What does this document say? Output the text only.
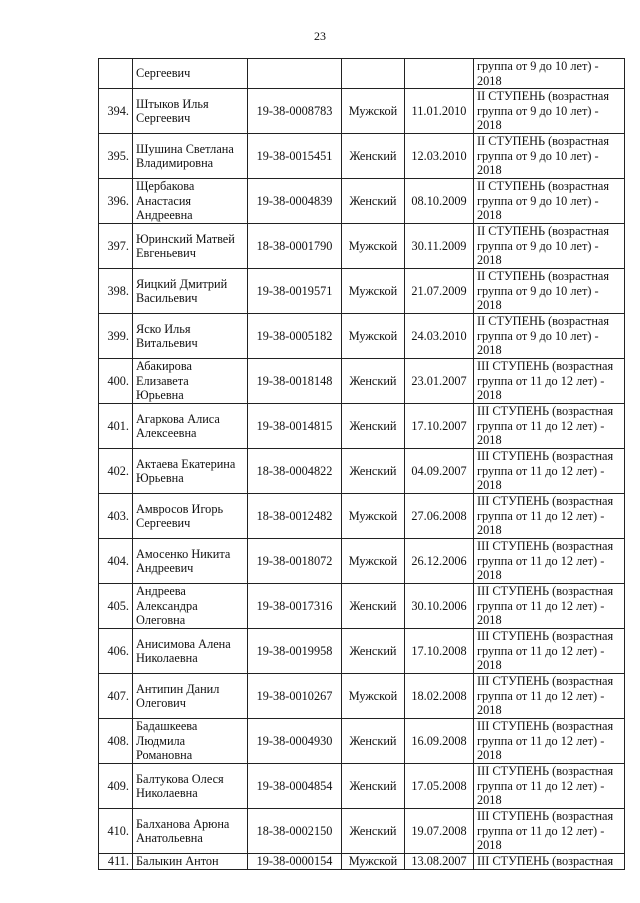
23

	Сергеевич				группа от 9 до 10 лет) -
2018

394.	Штыков Илья
Сергеевич	19-38-0008783	Мужской	11.01.2010	II СТУПЕНЬ (возрастная
группа от 9 до 10 лет) -
2018

395.	Шушина Светлана
Владимировна	19-38-0015451	Женский	12.03.2010	II СТУПЕНЬ (возрастная
группа от 9 до 10 лет) -
2018

396.	Щербакова
Анастасия
Андреевна	19-38-0004839	Женский	08.10.2009	II СТУПЕНЬ (возрастная
группа от 9 до 10 лет) -
2018

397.	Юринский Матвей
Евгеньевич	18-38-0001790	Мужской	30.11.2009	II СТУПЕНЬ (возрастная
группа от 9 до 10 лет) -
2018

398.	Яицкий Дмитрий
Васильевич	19-38-0019571	Мужской	21.07.2009	II СТУПЕНЬ (возрастная
группа от 9 до 10 лет) -
2018

399.	Яско Илья
Витальевич	19-38-0005182	Мужской	24.03.2010	II СТУПЕНЬ (возрастная
группа от 9 до 10 лет) -
2018

400.	Абакирова
Елизавета
Юрьевна	19-38-0018148	Женский	23.01.2007	III СТУПЕНЬ (возрастная
группа от 11 до 12 лет) -
2018

401.	Агаркова Алиса
Алексеевна	19-38-0014815	Женский	17.10.2007	III СТУПЕНЬ (возрастная
группа от 11 до 12 лет) -
2018

402.	Актаева Екатерина
Юрьевна	18-38-0004822	Женский	04.09.2007	III СТУПЕНЬ (возрастная
группа от 11 до 12 лет) -
2018

403.	Амвросов Игорь
Сергеевич	18-38-0012482	Мужской	27.06.2008	III СТУПЕНЬ (возрастная
группа от 11 до 12 лет) -
2018

404.	Амосенко Никита
Андреевич	19-38-0018072	Мужской	26.12.2006	III СТУПЕНЬ (возрастная
группа от 11 до 12 лет) -
2018

405.	Андреева
Александра
Олеговна	19-38-0017316	Женский	30.10.2006	III СТУПЕНЬ (возрастная
группа от 11 до 12 лет) -
2018

406.	Анисимова Алена
Николаевна	19-38-0019958	Женский	17.10.2008	III СТУПЕНЬ (возрастная
группа от 11 до 12 лет) -
2018

407.	Антипин Данил
Олегович	19-38-0010267	Мужской	18.02.2008	III СТУПЕНЬ (возрастная
группа от 11 до 12 лет) -
2018

408.	Бадашкеева
Людмила
Романовна	19-38-0004930	Женский	16.09.2008	III СТУПЕНЬ (возрастная
группа от 11 до 12 лет) -
2018

409.	Балтукова Олеся
Николаевна	19-38-0004854	Женский	17.05.2008	III СТУПЕНЬ (возрастная
группа от 11 до 12 лет) -
2018

410.	Балханова Арюна
Анатольевна	18-38-0002150	Женский	19.07.2008	III СТУПЕНЬ (возрастная
группа от 11 до 12 лет) -
2018

411.	Балыкин Антон	19-38-0000154	Мужской	13.08.2007	III СТУПЕНЬ (возрастная
